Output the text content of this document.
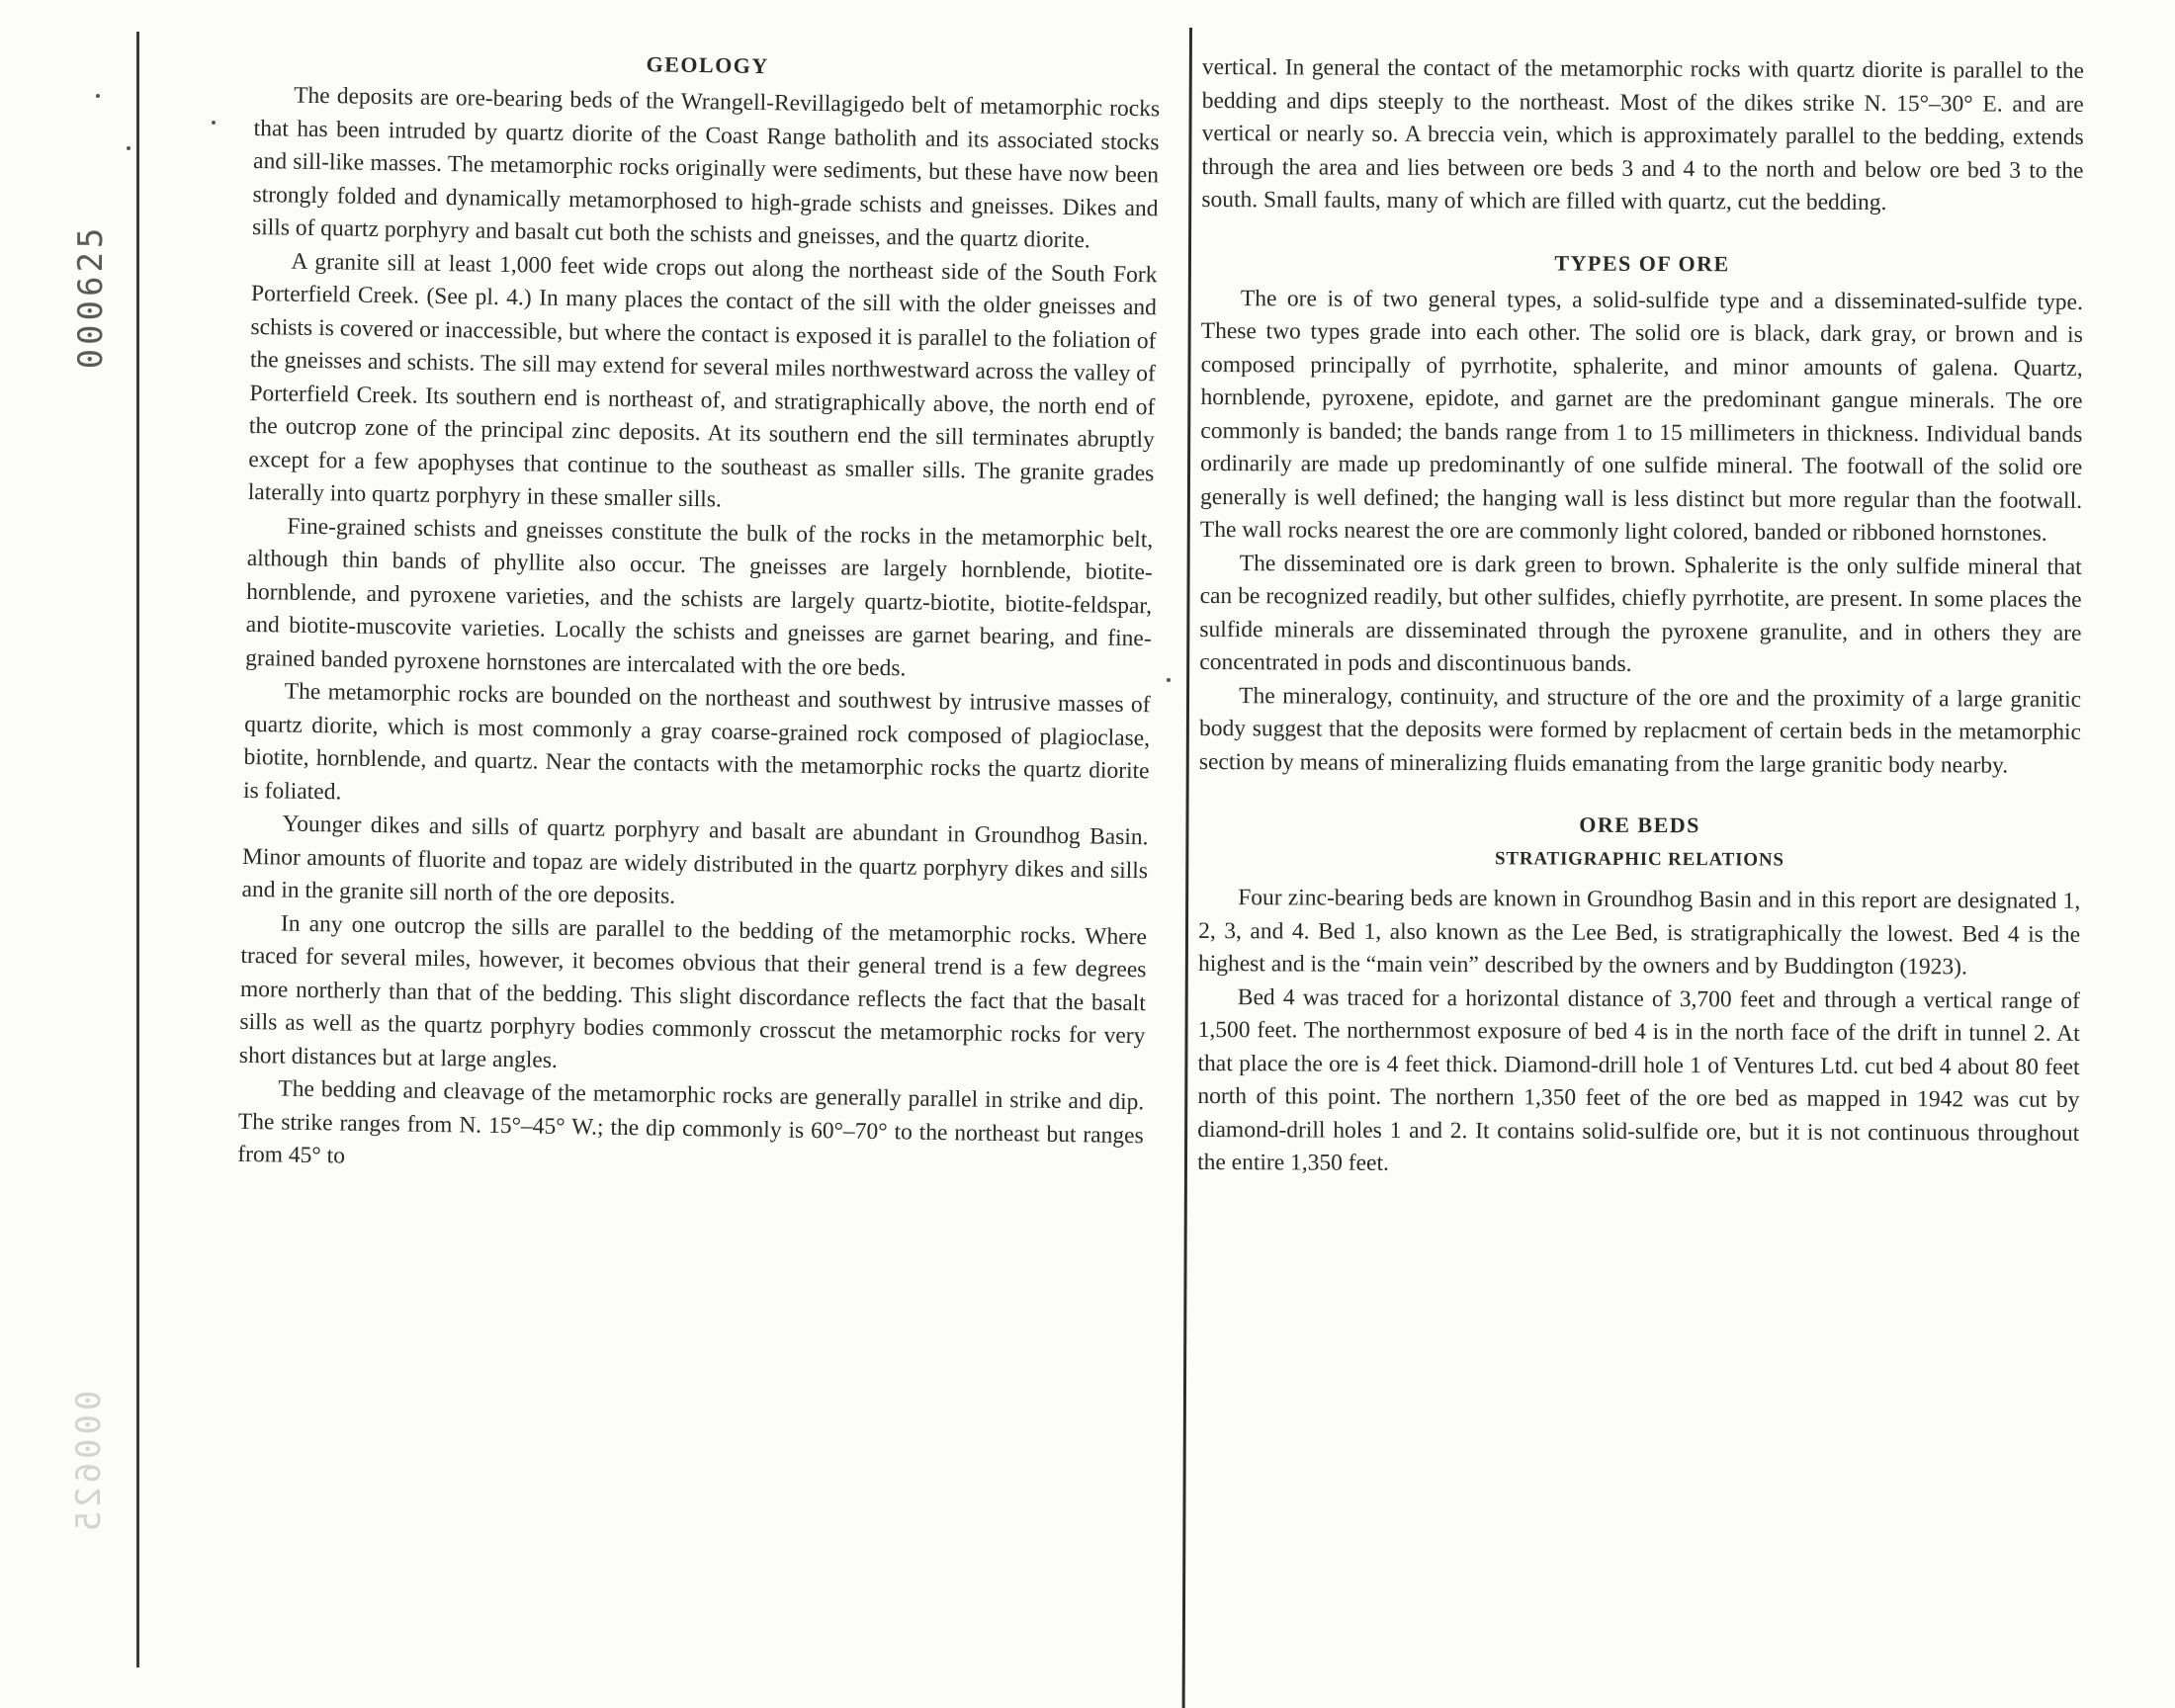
000625
000625
GEOLOGY

The deposits are ore-bearing beds of the Wrangell-Revillagigedo belt of metamorphic rocks that has been intruded by quartz diorite of the Coast Range batholith and its associated stocks and sill-like masses. The metamorphic rocks originally were sediments, but these have now been strongly folded and dynamically metamorphosed to high-grade schists and gneisses. Dikes and sills of quartz porphyry and basalt cut both the schists and gneisses, and the quartz diorite.

A granite sill at least 1,000 feet wide crops out along the northeast side of the South Fork Porterfield Creek. (See pl. 4.) In many places the contact of the sill with the older gneisses and schists is covered or inaccessible, but where the contact is exposed it is parallel to the foliation of the gneisses and schists. The sill may extend for several miles northwestward across the valley of Porterfield Creek. Its southern end is northeast of, and stratigraphically above, the north end of the outcrop zone of the principal zinc deposits. At its southern end the sill terminates abruptly except for a few apophyses that continue to the southeast as smaller sills. The granite grades laterally into quartz porphyry in these smaller sills.

Fine-grained schists and gneisses constitute the bulk of the rocks in the metamorphic belt, although thin bands of phyllite also occur. The gneisses are largely hornblende, biotite-hornblende, and pyroxene varieties, and the schists are largely quartz-biotite, biotite-feldspar, and biotite-muscovite varieties. Locally the schists and gneisses are garnet bearing, and fine-grained banded pyroxene hornstones are intercalated with the ore beds.

The metamorphic rocks are bounded on the northeast and southwest by intrusive masses of quartz diorite, which is most commonly a gray coarse-grained rock composed of plagioclase, biotite, hornblende, and quartz. Near the contacts with the metamorphic rocks the quartz diorite is foliated.

Younger dikes and sills of quartz porphyry and basalt are abundant in Groundhog Basin. Minor amounts of fluorite and topaz are widely distributed in the quartz porphyry dikes and sills and in the granite sill north of the ore deposits.

In any one outcrop the sills are parallel to the bedding of the metamorphic rocks. Where traced for several miles, however, it becomes obvious that their general trend is a few degrees more northerly than that of the bedding. This slight discordance reflects the fact that the basalt sills as well as the quartz porphyry bodies commonly crosscut the metamorphic rocks for very short distances but at large angles.

The bedding and cleavage of the metamorphic rocks are generally parallel in strike and dip. The strike ranges from N. 15°–45° W.; the dip commonly is 60°–70° to the northeast but ranges from 45° to

vertical. In general the contact of the metamorphic rocks with quartz diorite is parallel to the bedding and dips steeply to the northeast. Most of the dikes strike N. 15°–30° E. and are vertical or nearly so. A breccia vein, which is approximately parallel to the bedding, extends through the area and lies between ore beds 3 and 4 to the north and below ore bed 3 to the south. Small faults, many of which are filled with quartz, cut the bedding.

TYPES OF ORE

The ore is of two general types, a solid-sulfide type and a disseminated-sulfide type. These two types grade into each other. The solid ore is black, dark gray, or brown and is composed principally of pyrrhotite, sphalerite, and minor amounts of galena. Quartz, hornblende, pyroxene, epidote, and garnet are the predominant gangue minerals. The ore commonly is banded; the bands range from 1 to 15 millimeters in thickness. Individual bands ordinarily are made up predominantly of one sulfide mineral. The footwall of the solid ore generally is well defined; the hanging wall is less distinct but more regular than the footwall. The wall rocks nearest the ore are commonly light colored, banded or ribboned hornstones.

The disseminated ore is dark green to brown. Sphalerite is the only sulfide mineral that can be recognized readily, but other sulfides, chiefly pyrrhotite, are present. In some places the sulfide minerals are disseminated through the pyroxene granulite, and in others they are concentrated in pods and discontinuous bands.

The mineralogy, continuity, and structure of the ore and the proximity of a large granitic body suggest that the deposits were formed by replacment of certain beds in the metamorphic section by means of mineralizing fluids emanating from the large granitic body nearby.

ORE BEDS
STRATIGRAPHIC RELATIONS

Four zinc-bearing beds are known in Groundhog Basin and in this report are designated 1, 2, 3, and 4. Bed 1, also known as the Lee Bed, is stratigraphically the lowest. Bed 4 is the highest and is the “main vein” described by the owners and by Buddington (1923).

Bed 4 was traced for a horizontal distance of 3,700 feet and through a vertical range of 1,500 feet. The northernmost exposure of bed 4 is in the north face of the drift in tunnel 2. At that place the ore is 4 feet thick. Diamond-drill hole 1 of Ventures Ltd. cut bed 4 about 80 feet north of this point. The northern 1,350 feet of the ore bed as mapped in 1942 was cut by diamond-drill holes 1 and 2. It contains solid-sulfide ore, but it is not continuous throughout the entire 1,350 feet.
